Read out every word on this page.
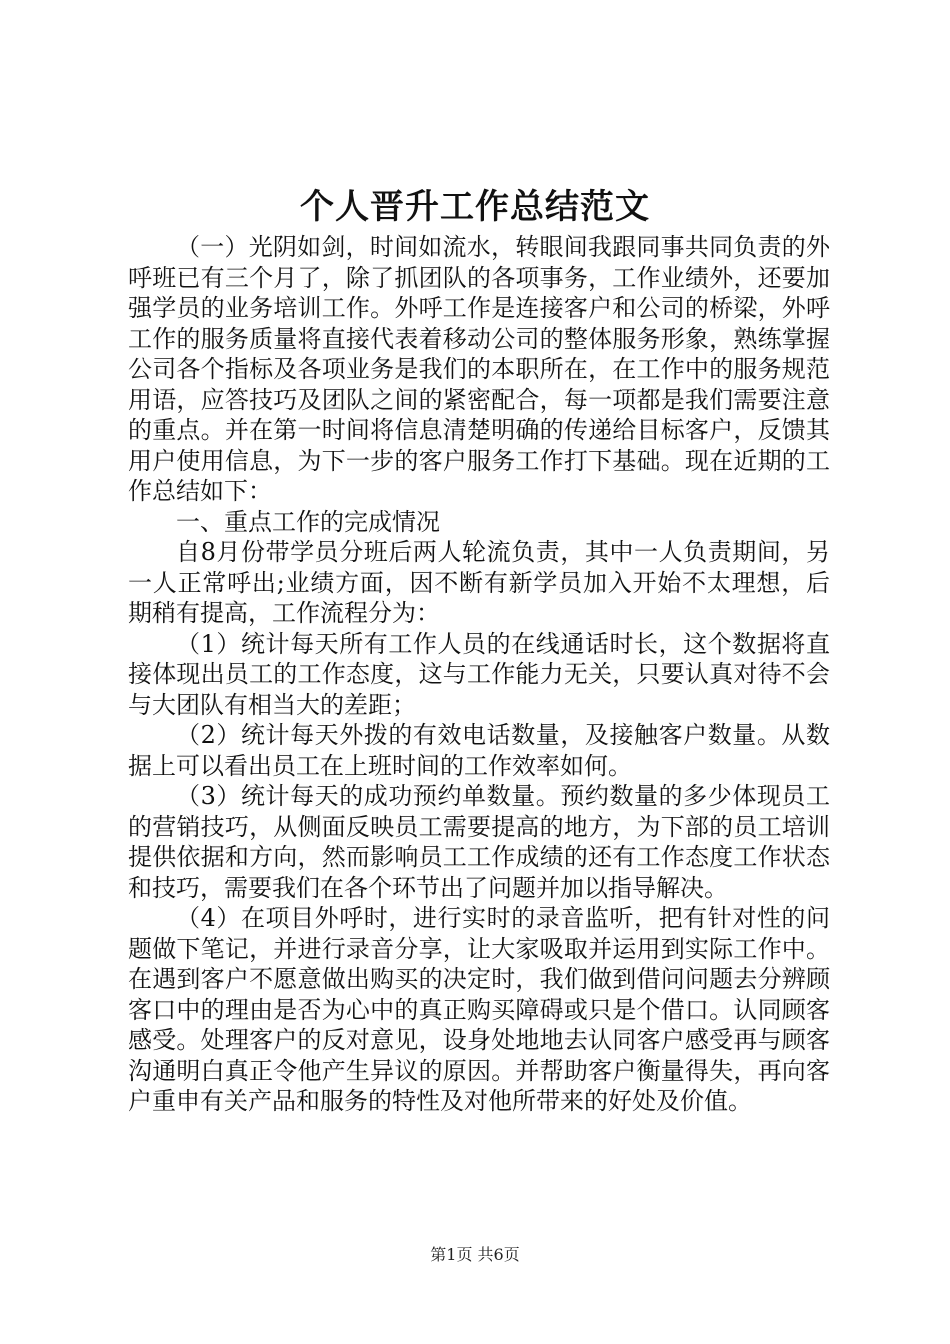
个人晋升工作总结范文

（一）光阴如剑，时间如流水，转眼间我跟同事共同负责的外呼班已有三个月了，除了抓团队的各项事务，工作业绩外，还要加强学员的业务培训工作。外呼工作是连接客户和公司的桥梁，外呼工作的服务质量将直接代表着移动公司的整体服务形象，熟练掌握公司各个指标及各项业务是我们的本职所在，在工作中的服务规范用语，应答技巧及团队之间的紧密配合，每一项都是我们需要注意的重点。并在第一时间将信息清楚明确的传递给目标客户，反馈其用户使用信息，为下一步的客户服务工作打下基础。现在近期的工作总结如下：

一、重点工作的完成情况

自8月份带学员分班后两人轮流负责，其中一人负责期间，另一人正常呼出;业绩方面，因不断有新学员加入开始不太理想，后期稍有提高，工作流程分为：

（1）统计每天所有工作人员的在线通话时长，这个数据将直接体现出员工的工作态度，这与工作能力无关，只要认真对待不会与大团队有相当大的差距；

（2）统计每天外拨的有效电话数量，及接触客户数量。从数据上可以看出员工在上班时间的工作效率如何。

（3）统计每天的成功预约单数量。预约数量的多少体现员工的营销技巧，从侧面反映员工需要提高的地方，为下部的员工培训提供依据和方向，然而影响员工工作成绩的还有工作态度工作状态和技巧，需要我们在各个环节出了问题并加以指导解决。

（4）在项目外呼时，进行实时的录音监听，把有针对性的问题做下笔记，并进行录音分享，让大家吸取并运用到实际工作中。在遇到客户不愿意做出购买的决定时，我们做到借问问题去分辨顾客口中的理由是否为心中的真正购买障碍或只是个借口。认同顾客感受。处理客户的反对意见，设身处地地去认同客户感受再与顾客沟通明白真正令他产生异议的原因。并帮助客户衡量得失，再向客户重申有关产品和服务的特性及对他所带来的好处及价值。

第1页 共6页
